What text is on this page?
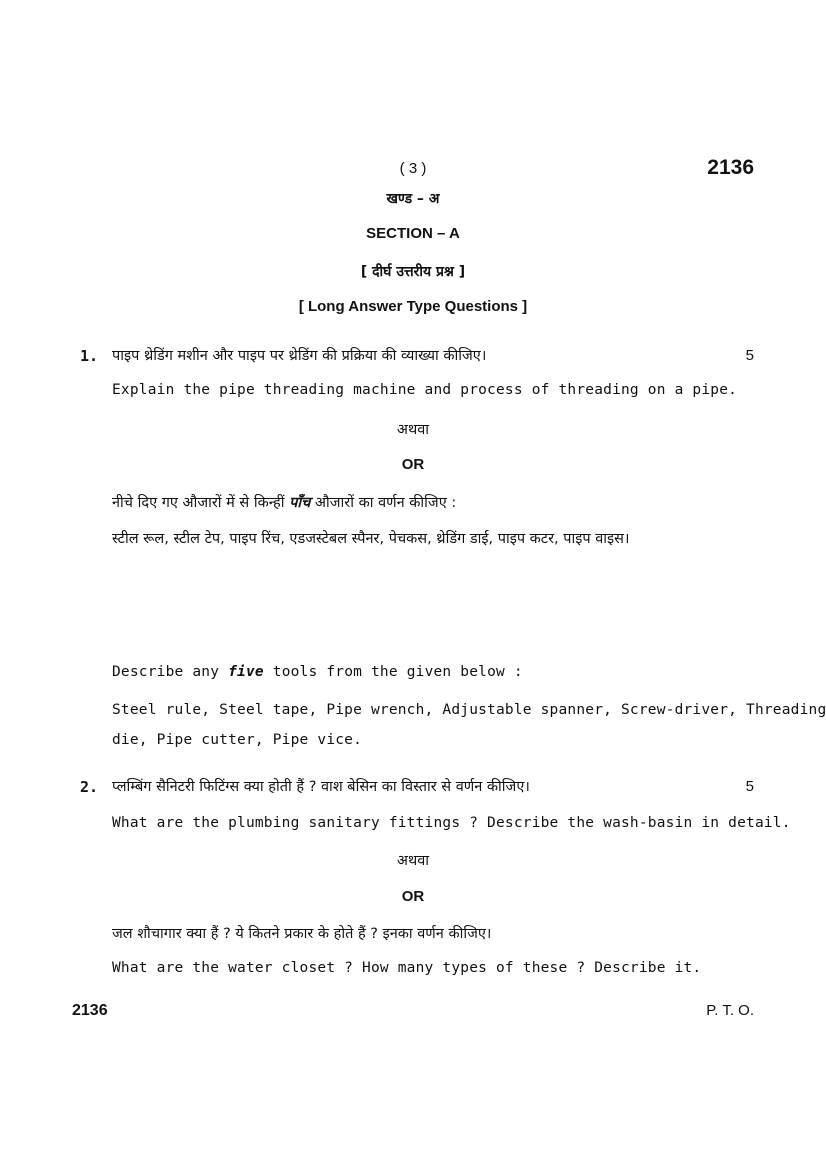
( 3 )	2136
खण्ड – अ
SECTION – A
[ दीर्घ उत्तरीय प्रश्न ]
[ Long Answer Type Questions ]
1. पाइप थ्रेडिंग मशीन और पाइप पर थ्रेडिंग की प्रक्रिया की व्याख्या कीजिए।	5
Explain the pipe threading machine and process of threading on a pipe.
अथवा
OR
नीचे दिए गए औजारों में से किन्हीं पाँच औजारों का वर्णन कीजिए :
स्टील रूल, स्टील टेप, पाइप रिंच, एडजस्टेबल स्पैनर, पेचकस, थ्रेडिंग डाई, पाइप कटर, पाइप वाइस।
Describe any five tools from the given below :
Steel rule, Steel tape, Pipe wrench, Adjustable spanner, Screw-driver, Threading
die, Pipe cutter, Pipe vice.
2. प्लम्बिंग सैनिटरी फिटिंग्स क्या होती हैं ? वाश बेसिन का विस्तार से वर्णन कीजिए।	5
What are the plumbing sanitary fittings ? Describe the wash-basin in detail.
अथवा
OR
जल शौचागार क्या हैं ? ये कितने प्रकार के होते हैं ? इनका वर्णन कीजिए।
What are the water closet ? How many types of these ? Describe it.
2136	P. T. O.
